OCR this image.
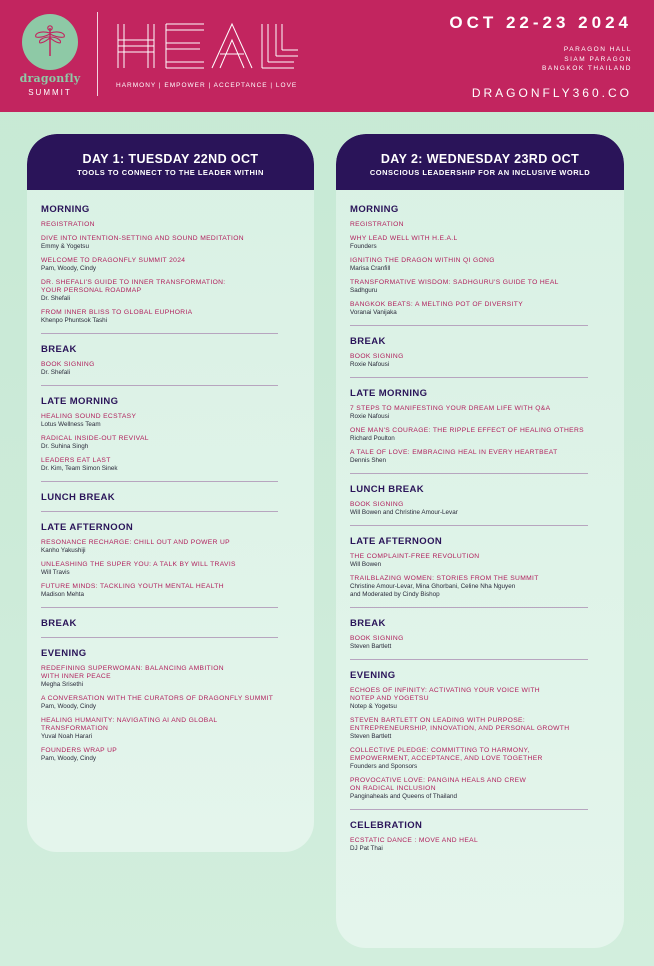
dragonfly
SUMMIT
HARMONY | EMPOWER | ACCEPTANCE | LOVE
OCT 22-23 2024
PARAGON HALL
SIAM PARAGON
BANGKOK THAILAND
DRAGONFLY360.CO
DAY 1: TUESDAY 22ND OCT
TOOLS TO CONNECT TO THE LEADER WITHIN
MORNING
REGISTRATION
DIVE INTO INTENTION-SETTING AND SOUND MEDITATION
Emmy & Yogetsu
WELCOME TO DRAGONFLY SUMMIT 2024
Pam, Woody, Cindy
DR. SHEFALI'S GUIDE TO INNER TRANSFORMATION:
YOUR PERSONAL ROADMAP
Dr. Shefali
FROM INNER BLISS TO GLOBAL EUPHORIA
Khenpo Phuntsok Tashi
BREAK
BOOK SIGNING
Dr. Shefali
LATE MORNING
HEALING SOUND ECSTASY
Lotus Wellness Team
RADICAL INSIDE-OUT REVIVAL
Dr. Suhina Singh
LEADERS EAT LAST
Dr. Kim, Team Simon Sinek
LUNCH BREAK
LATE AFTERNOON
RESONANCE RECHARGE: CHILL OUT AND POWER UP
Kanho Yakushiji
UNLEASHING THE SUPER YOU: A TALK BY WILL TRAVIS
Will Travis
FUTURE MINDS: TACKLING YOUTH MENTAL HEALTH
Madison Mehta
BREAK
EVENING
REDEFINING SUPERWOMAN: BALANCING AMBITION
WITH INNER PEACE
Megha Srisethi
A CONVERSATION WITH THE CURATORS OF DRAGONFLY SUMMIT
Pam, Woody, Cindy
HEALING HUMANITY: NAVIGATING AI AND GLOBAL
TRANSFORMATION
Yuval Noah Harari
FOUNDERS WRAP UP
Pam, Woody, Cindy
DAY 2: WEDNESDAY 23RD OCT
CONSCIOUS LEADERSHIP FOR AN INCLUSIVE WORLD
MORNING
REGISTRATION
WHY LEAD WELL WITH H.E.A.L
Founders
IGNITING THE DRAGON WITHIN QI GONG
Marisa Cranfill
TRANSFORMATIVE WISDOM: SADHGURU'S GUIDE TO HEAL
Sadhguru
BANGKOK BEATS: A MELTING POT OF DIVERSITY
Voranai Vanijaka
BREAK
BOOK SIGNING
Roxie Nafousi
LATE MORNING
7 STEPS TO MANIFESTING YOUR DREAM LIFE WITH Q&A
Roxie Nafousi
ONE MAN'S COURAGE: THE RIPPLE EFFECT OF HEALING OTHERS
Richard Poulton
A TALE OF LOVE: EMBRACING HEAL IN EVERY HEARTBEAT
Dennis Shen
LUNCH BREAK
BOOK SIGNING
Will Bowen and Christine Amour-Levar
LATE AFTERNOON
THE COMPLAINT-FREE REVOLUTION
Will Bowen
TRAILBLAZING WOMEN: STORIES FROM THE SUMMIT
Christine Amour-Levar, Mina Ghorbani, Celine Nha Nguyen
and Moderated by Cindy Bishop
BREAK
BOOK SIGNING
Steven Bartlett
EVENING
ECHOES OF INFINITY: ACTIVATING YOUR VOICE WITH
NOTEP AND YOGETSU
Notep & Yogetsu
STEVEN BARTLETT ON LEADING WITH PURPOSE:
ENTREPRENEURSHIP, INNOVATION, AND PERSONAL GROWTH
Steven Bartlett
COLLECTIVE PLEDGE: COMMITTING TO HARMONY,
EMPOWERMENT, ACCEPTANCE, AND LOVE TOGETHER
Founders and Sponsors
PROVOCATIVE LOVE: PANGINA HEALS AND CREW
ON RADICAL INCLUSION
Panginaheals and Queens of Thailand
CELEBRATION
ECSTATIC DANCE : MOVE AND HEAL
DJ Pat Thai
